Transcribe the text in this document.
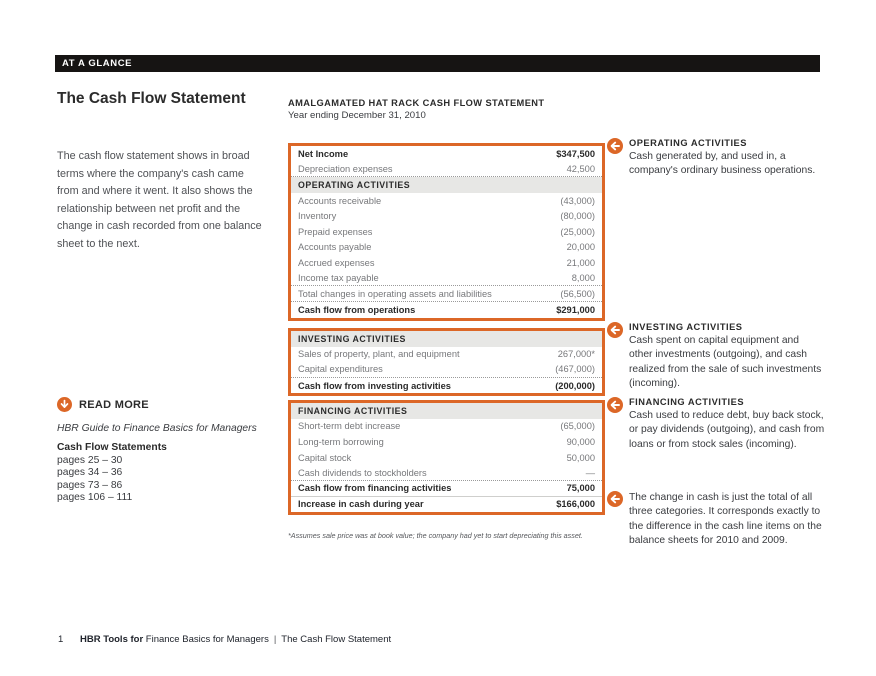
AT A GLANCE
The Cash Flow Statement
The cash flow statement shows in broad terms where the company's cash came from and where it went. It also shows the relationship between net profit and the change in cash recorded from one balance sheet to the next.
READ MORE
HBR Guide to Finance Basics for Managers
Cash Flow Statements
pages 25 – 30
pages 34 – 36
pages 73 – 86
pages 106 – 111
AMALGAMATED HAT RACK CASH FLOW STATEMENT
Year ending December 31, 2010
Net Income	$347,500
Depreciation expenses	42,500
OPERATING ACTIVITIES
Accounts receivable	(43,000)
Inventory	(80,000)
Prepaid expenses	(25,000)
Accounts payable	20,000
Accrued expenses	21,000
Income tax payable	8,000
Total changes in operating assets and liabilities	(56,500)
Cash flow from operations	$291,000
INVESTING ACTIVITIES
Sales of property, plant, and equipment	267,000*
Capital expenditures	(467,000)
Cash flow from investing activities	(200,000)
FINANCING ACTIVITIES
Short-term debt increase	(65,000)
Long-term borrowing	90,000
Capital stock	50,000
Cash dividends to stockholders	—
Cash flow from financing activities	75,000
Increase in cash during year	$166,000
*Assumes sale price was at book value; the company had yet to start depreciating this asset.
OPERATING ACTIVITIES
Cash generated by, and used in, a company's ordinary business operations.
INVESTING ACTIVITIES
Cash spent on capital equipment and other investments (outgoing), and cash realized from the sale of such investments (incoming).
FINANCING ACTIVITIES
Cash used to reduce debt, buy back stock, or pay dividends (outgoing), and cash from loans or from stock sales (incoming).
The change in cash is just the total of all three categories. It corresponds exactly to the difference in the cash line items on the balance sheets for 2010 and 2009.
1	HBR Tools for Finance Basics for Managers | The Cash Flow Statement
